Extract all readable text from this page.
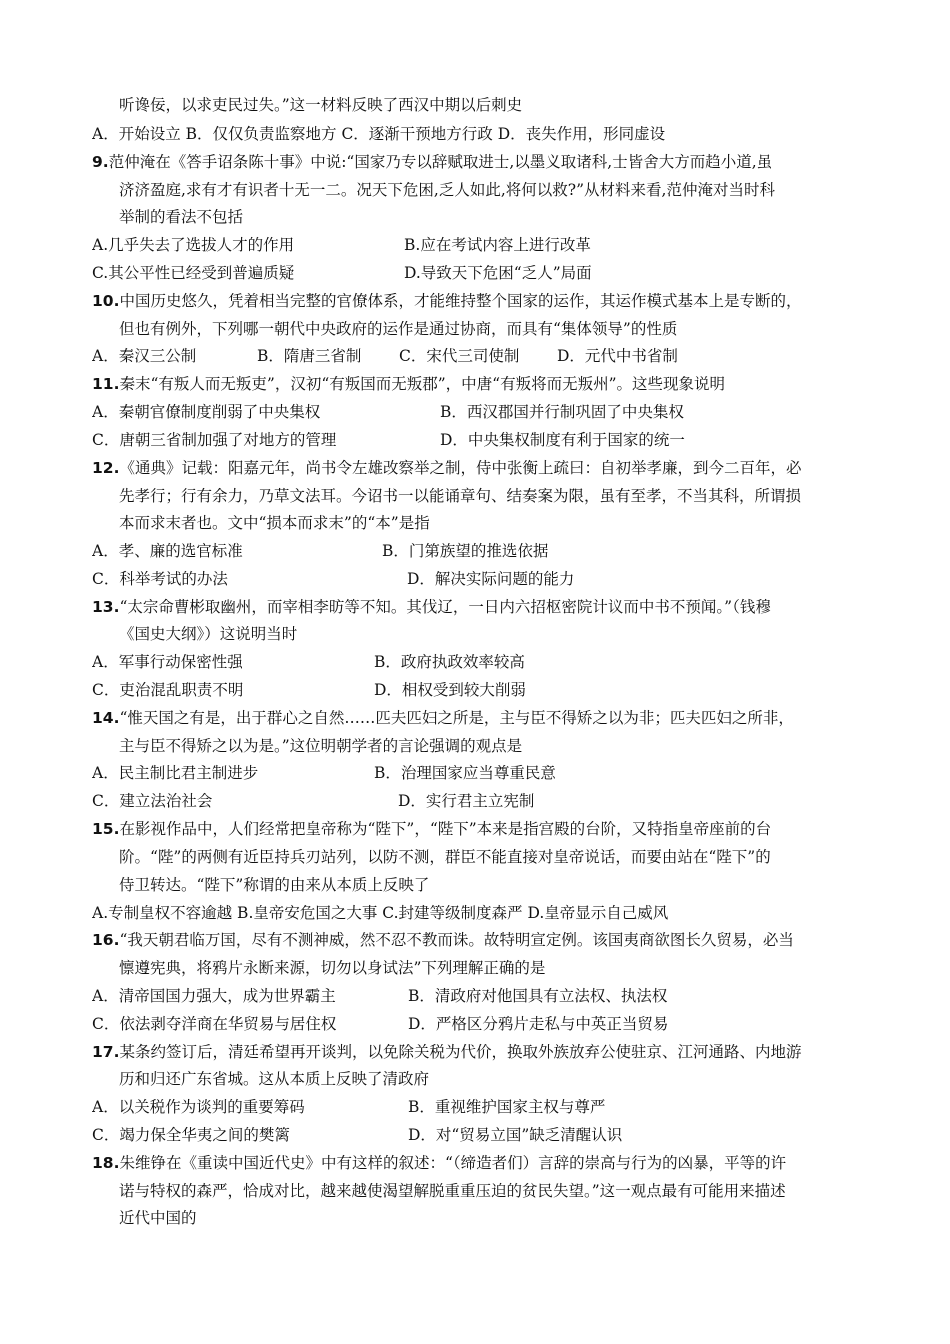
听谗佞，以求吏民过失。”这一材料反映了西汉中期以后刺史
A．开始设立 B．仅仅负责监察地方 C．逐渐干预地方行政 D．丧失作用，形同虚设
9.范仲淹在《答手诏条陈十事》中说:“国家乃专以辞赋取进士,以墨义取诸科,士皆舍大方而趋小道,虽
济济盈庭,求有才有识者十无一二。况天下危困,乏人如此,将何以救?”从材料来看,范仲淹对当时科
举制的看法不包括
A.几乎失去了选拔人才的作用	B.应在考试内容上进行改革
C.其公平性已经受到普遍质疑	D.导致天下危困“乏人”局面
10.中国历史悠久，凭着相当完整的官僚体系，才能维持整个国家的运作，其运作模式基本上是专断的，
但也有例外，下列哪一朝代中央政府的运作是通过协商，而具有“集体领导”的性质
A．秦汉三公制	B．隋唐三省制 C．宋代三司使制 D．元代中书省制
11.秦末“有叛人而无叛吏”，汉初“有叛国而无叛郡”，中唐“有叛将而无叛州”。这些现象说明
A．秦朝官僚制度削弱了中央集权	B．西汉郡国并行制巩固了中央集权
C．唐朝三省制加强了对地方的管理	D．中央集权制度有利于国家的统一
12.《通典》记载：阳嘉元年，尚书令左雄改察举之制，侍中张衡上疏曰：自初举孝廉，到今二百年，必
先孝行；行有余力，乃草文法耳。今诏书一以能诵章句、结奏案为限，虽有至孝，不当其科，所谓损
本而求末者也。文中“损本而求末”的“本”是指
A．孝、廉的选官标准	B．门第族望的推选依据
C．科举考试的办法	D．解决实际问题的能力
13.“太宗命曹彬取幽州，而宰相李昉等不知。其伐辽，一日内六招枢密院计议而中书不预闻。”（钱穆
《国史大纲》）这说明当时
A．军事行动保密性强	B．政府执政效率较高
C．吏治混乱职责不明	D．相权受到较大削弱
14.“惟天国之有是，出于群心之自然……匹夫匹妇之所是，主与臣不得矫之以为非；匹夫匹妇之所非，
主与臣不得矫之以为是。”这位明朝学者的言论强调的观点是
A．民主制比君主制进步	B．治理国家应当尊重民意
C．建立法治社会	D．实行君主立宪制
15.在影视作品中，人们经常把皇帝称为“陛下”，“陛下”本来是指宫殿的台阶，又特指皇帝座前的台
阶。“陛”的两侧有近臣持兵刃站列，以防不测，群臣不能直接对皇帝说话，而要由站在“陛下”的
侍卫转达。“陛下”称谓的由来从本质上反映了
A.专制皇权不容逾越 B.皇帝安危国之大事 C.封建等级制度森严 D.皇帝显示自己威风
16.“我天朝君临万国，尽有不测神威，然不忍不教而诛。故特明宣定例。该国夷商欲图长久贸易，必当
懔遵宪典，将鸦片永断来源，切勿以身试法”下列理解正确的是
A．清帝国国力强大，成为世界霸主	B．清政府对他国具有立法权、执法权
C．依法剥夺洋商在华贸易与居住权	D．严格区分鸦片走私与中英正当贸易
17.某条约签订后，清廷希望再开谈判，以免除关税为代价，换取外族放弃公使驻京、江河通路、内地游
历和归还广东省城。这从本质上反映了清政府
A．以关税作为谈判的重要筹码	B．重视维护国家主权与尊严
C．竭力保全华夷之间的樊篱	D．对“贸易立国”缺乏清醒认识
18.朱维铮在《重读中国近代史》中有这样的叙述：“（缔造者们）言辞的崇高与行为的凶暴，平等的许
诺与特权的森严，恰成对比，越来越使渴望解脱重重压迫的贫民失望。”这一观点最有可能用来描述
近代中国的
